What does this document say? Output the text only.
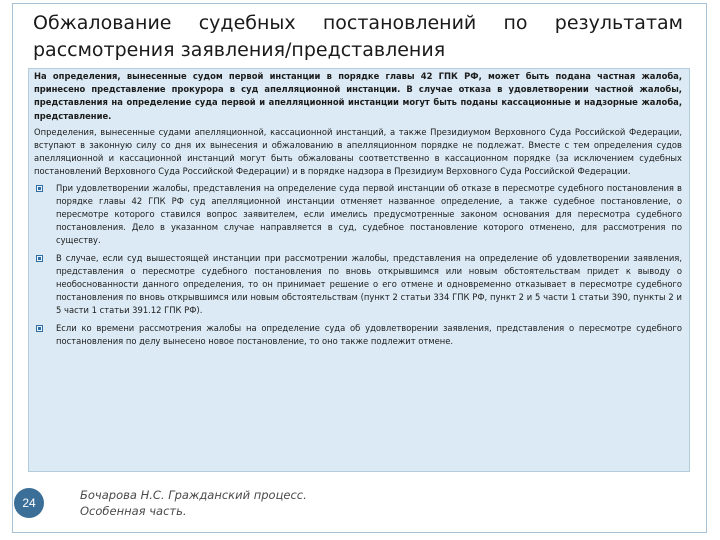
Обжалование судебных постановлений по результатам рассмотрения заявления/представления

На определения, вынесенные судом первой инстанции в порядке главы 42 ГПК РФ, может быть подана частная жалоба, принесено представление прокурора в суд апелляционной инстанции. В случае отказа в удовлетворении частной жалобы, представления на определение суда первой и апелляционной инстанции могут быть поданы кассационные и надзорные жалоба, представление.

Определения, вынесенные судами апелляционной, кассационной инстанций, а также Президиумом Верховного Суда Российской Федерации, вступают в законную силу со дня их вынесения и обжалованию в апелляционном порядке не подлежат. Вместе с тем определения судов апелляционной и кассационной инстанций могут быть обжалованы соответственно в кассационном порядке (за исключением судебных постановлений Верховного Суда Российской Федерации) и в порядке надзора в Президиум Верховного Суда Российской Федерации.

При удовлетворении жалобы, представления на определение суда первой инстанции об отказе в пересмотре судебного постановления в порядке главы 42 ГПК РФ суд апелляционной инстанции отменяет названное определение, а также судебное постановление, о пересмотре которого ставился вопрос заявителем, если имелись предусмотренные законом основания для пересмотра судебного постановления. Дело в указанном случае направляется в суд, судебное постановление которого отменено, для рассмотрения по существу.
В случае, если суд вышестоящей инстанции при рассмотрении жалобы, представления на определение об удовлетворении заявления, представления о пересмотре судебного постановления по вновь открывшимся или новым обстоятельствам придет к выводу о необоснованности данного определения, то он принимает решение о его отмене и одновременно отказывает в пересмотре судебного постановления по вновь открывшимся или новым обстоятельствам (пункт 2 статьи 334 ГПК РФ, пункт 2 и 5 части 1 статьи 390, пункты 2 и 5 части 1 статьи 391.12 ГПК РФ).
Если ко времени рассмотрения жалобы на определение суда об удовлетворении заявления, представления о пересмотре судебного постановления по делу вынесено новое постановление, то оно также подлежит отмене.
24
Бочарова Н.С. Гражданский процесс.
Особенная часть.
